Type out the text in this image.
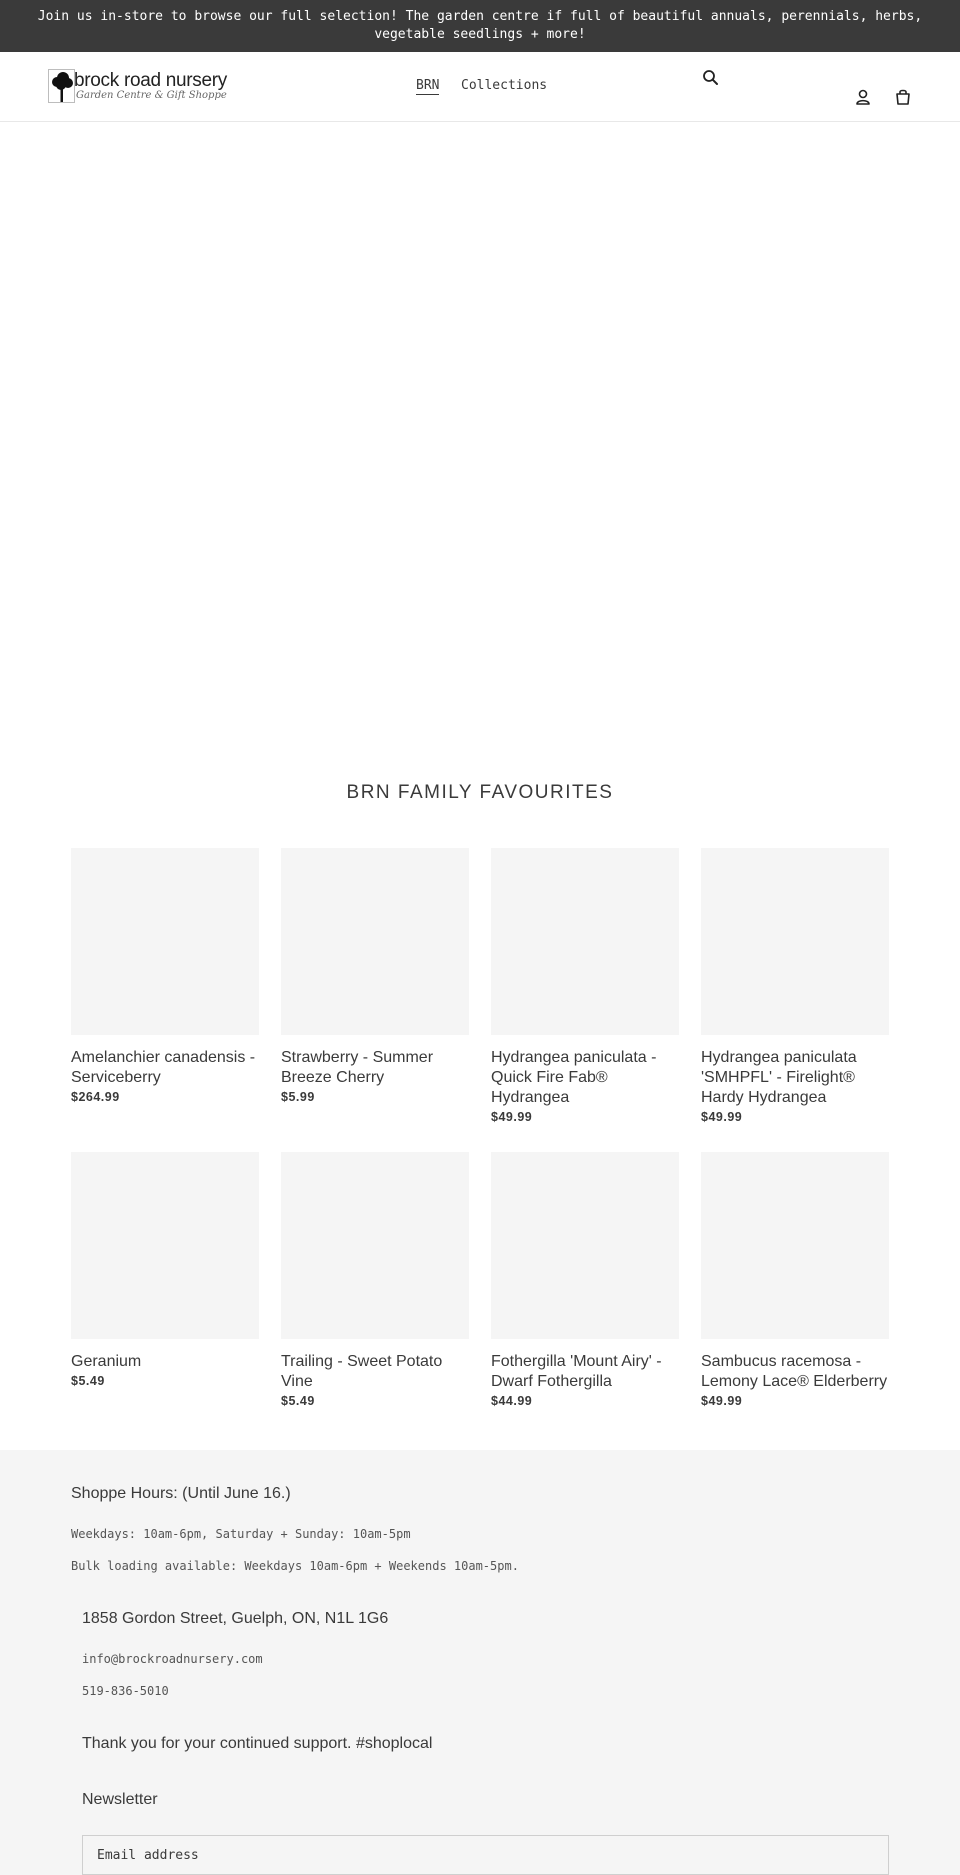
Join us in-store to browse our full selection! The garden centre if full of beautiful annuals, perennials, herbs,
vegetable seedlings + more!
brock road nursery
Garden Centre & Gift Shoppe
BRN Collections
BRN FAMILY FAVOURITES
Amelanchier canadensis - Serviceberry
$264.99
Strawberry - Summer Breeze Cherry
$5.99
Hydrangea paniculata - Quick Fire Fab® Hydrangea
$49.99
Hydrangea paniculata 'SMHPFL' - Firelight® Hardy Hydrangea
$49.99
Geranium
$5.49
Trailing - Sweet Potato Vine
$5.49
Fothergilla 'Mount Airy' - Dwarf Fothergilla
$44.99
Sambucus racemosa - Lemony Lace® Elderberry
$49.99
Shoppe Hours: (Until June 16.)
Weekdays: 10am-6pm, Saturday + Sunday: 10am-5pm
Bulk loading available: Weekdays 10am-6pm + Weekends 10am-5pm.
1858 Gordon Street, Guelph, ON, N1L 1G6
info@brockroadnursery.com
519-836-5010
Thank you for your continued support. #shoplocal
Newsletter
Email address
